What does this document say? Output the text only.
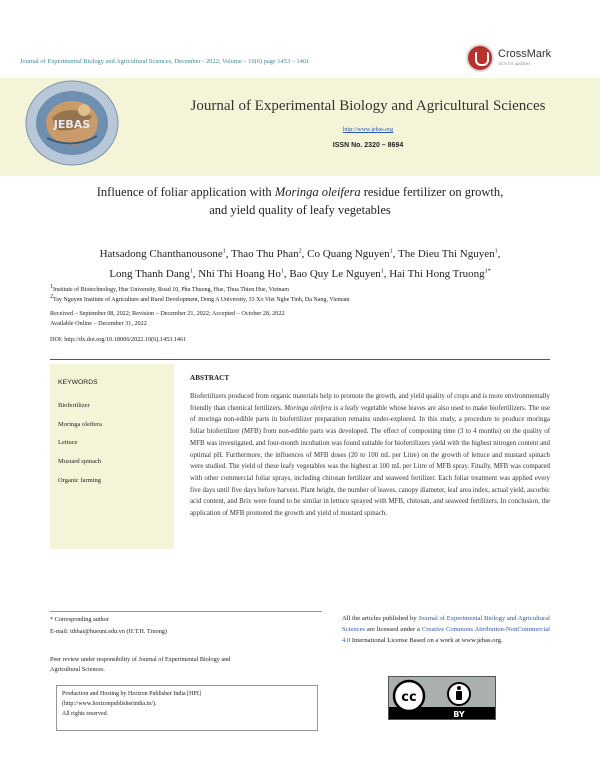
Journal of Experimental Biology and Agricultural Sciences, December - 2022; Volume – 10(6) page 1453 – 1461
CrossMark
click for updates
JEBAS
Journal of Experimental Biology and Agricultural Sciences
http://www.jebas.org
ISSN No. 2320 – 8694
Influence of foliar application with Moringa oleifera residue fertilizer on growth,
and yield quality of leafy vegetables
Hatsadong Chanthanousone$^1$, Thao Thu Phan$^2$, Co Quang Nguyen$^1$, The Dieu Thi Nguyen$^1$,
Long Thanh Dang$^1$, Nhi Thi Hoang Ho$^1$, Bao Quy Le Nguyen$^1$, Hai Thi Hong Truong$^{1*}$
$^1$Institute of Biotechnology, Hue University, Road 10, Phu Thuong, Hue, Thua Thien Hue, Vietnam
$^2$Tay Nguyen Institute of Agriculture and Rural Development, Dong A University, 33 Xo Viet Nghe Tinh, Da Nang, Vietnam
Received – September 08, 2022; Revision – December 21, 2022; Accepted – October 28, 2022
Available Online – December 31, 2022
DOI: http://dx.doi.org/10.18006/2022.10(6).1453.1461
KEYWORDS
Biofertilizer
Moringa oleifera
Lettuce
Mustard spinach
Organic farming
ABSTRACT
Biofertilizers produced from organic materials help to promote the growth, and yield quality of crops and is more environmentally friendly than chemical fertilizers. Moringa oleifera is a leafy vegetable whose leaves are also used to make biofertilizers. The use of moringa non-edible parts in biofertilizer preparation remains under-explored. In this study, a procedure to produce moringa foliar biofertilizer (MFB) from non-edible parts was developed. The effect of composting time (3 to 4 months) on the quality of MFB was investigated, and four-month incubation was found suitable for biofertilizers yield with the highest nitrogen content and optimal pH. Furthermore, the influences of MFB doses (20 to 100 mL per Litre) on the growth of lettuce and mustard spinach were studied. The yield of these leafy vegetables was the highest at 100 mL per Litre of MFB spray. Finally, MFB was compared with other commercial foliar sprays, including chitosan fertilizer and seaweed fertilizer. Each foliar treatment was applied every five days until five days before harvest. Plant height, the number of leaves, canopy diameter, leaf area index, actual yield, ascorbic acid content, and Brix were found to be similar in lettuce sprayed with MFB, chitosan, and seaweed fertilizers. In conclusion, the application of MFB promoted the growth and yield of mustard spinach.
* Corresponding author
E-mail: tthhai@hueuni.edu.vn (H.T.H. Truong)
Peer review under responsibility of Journal of Experimental Biology and
Agricultural Sciences.
Production and Hosting by Horizon Publisher India [HPI]
(http://www.horizonpublisherindia.in/).
All rights reserved.
All the articles published by Journal of Experimental Biology and Agricultural Sciences are licensed under a Creative Commons Attribution-NonCommercial 4.0 International License Based on a work at www.jebas.org.
cc
BY
